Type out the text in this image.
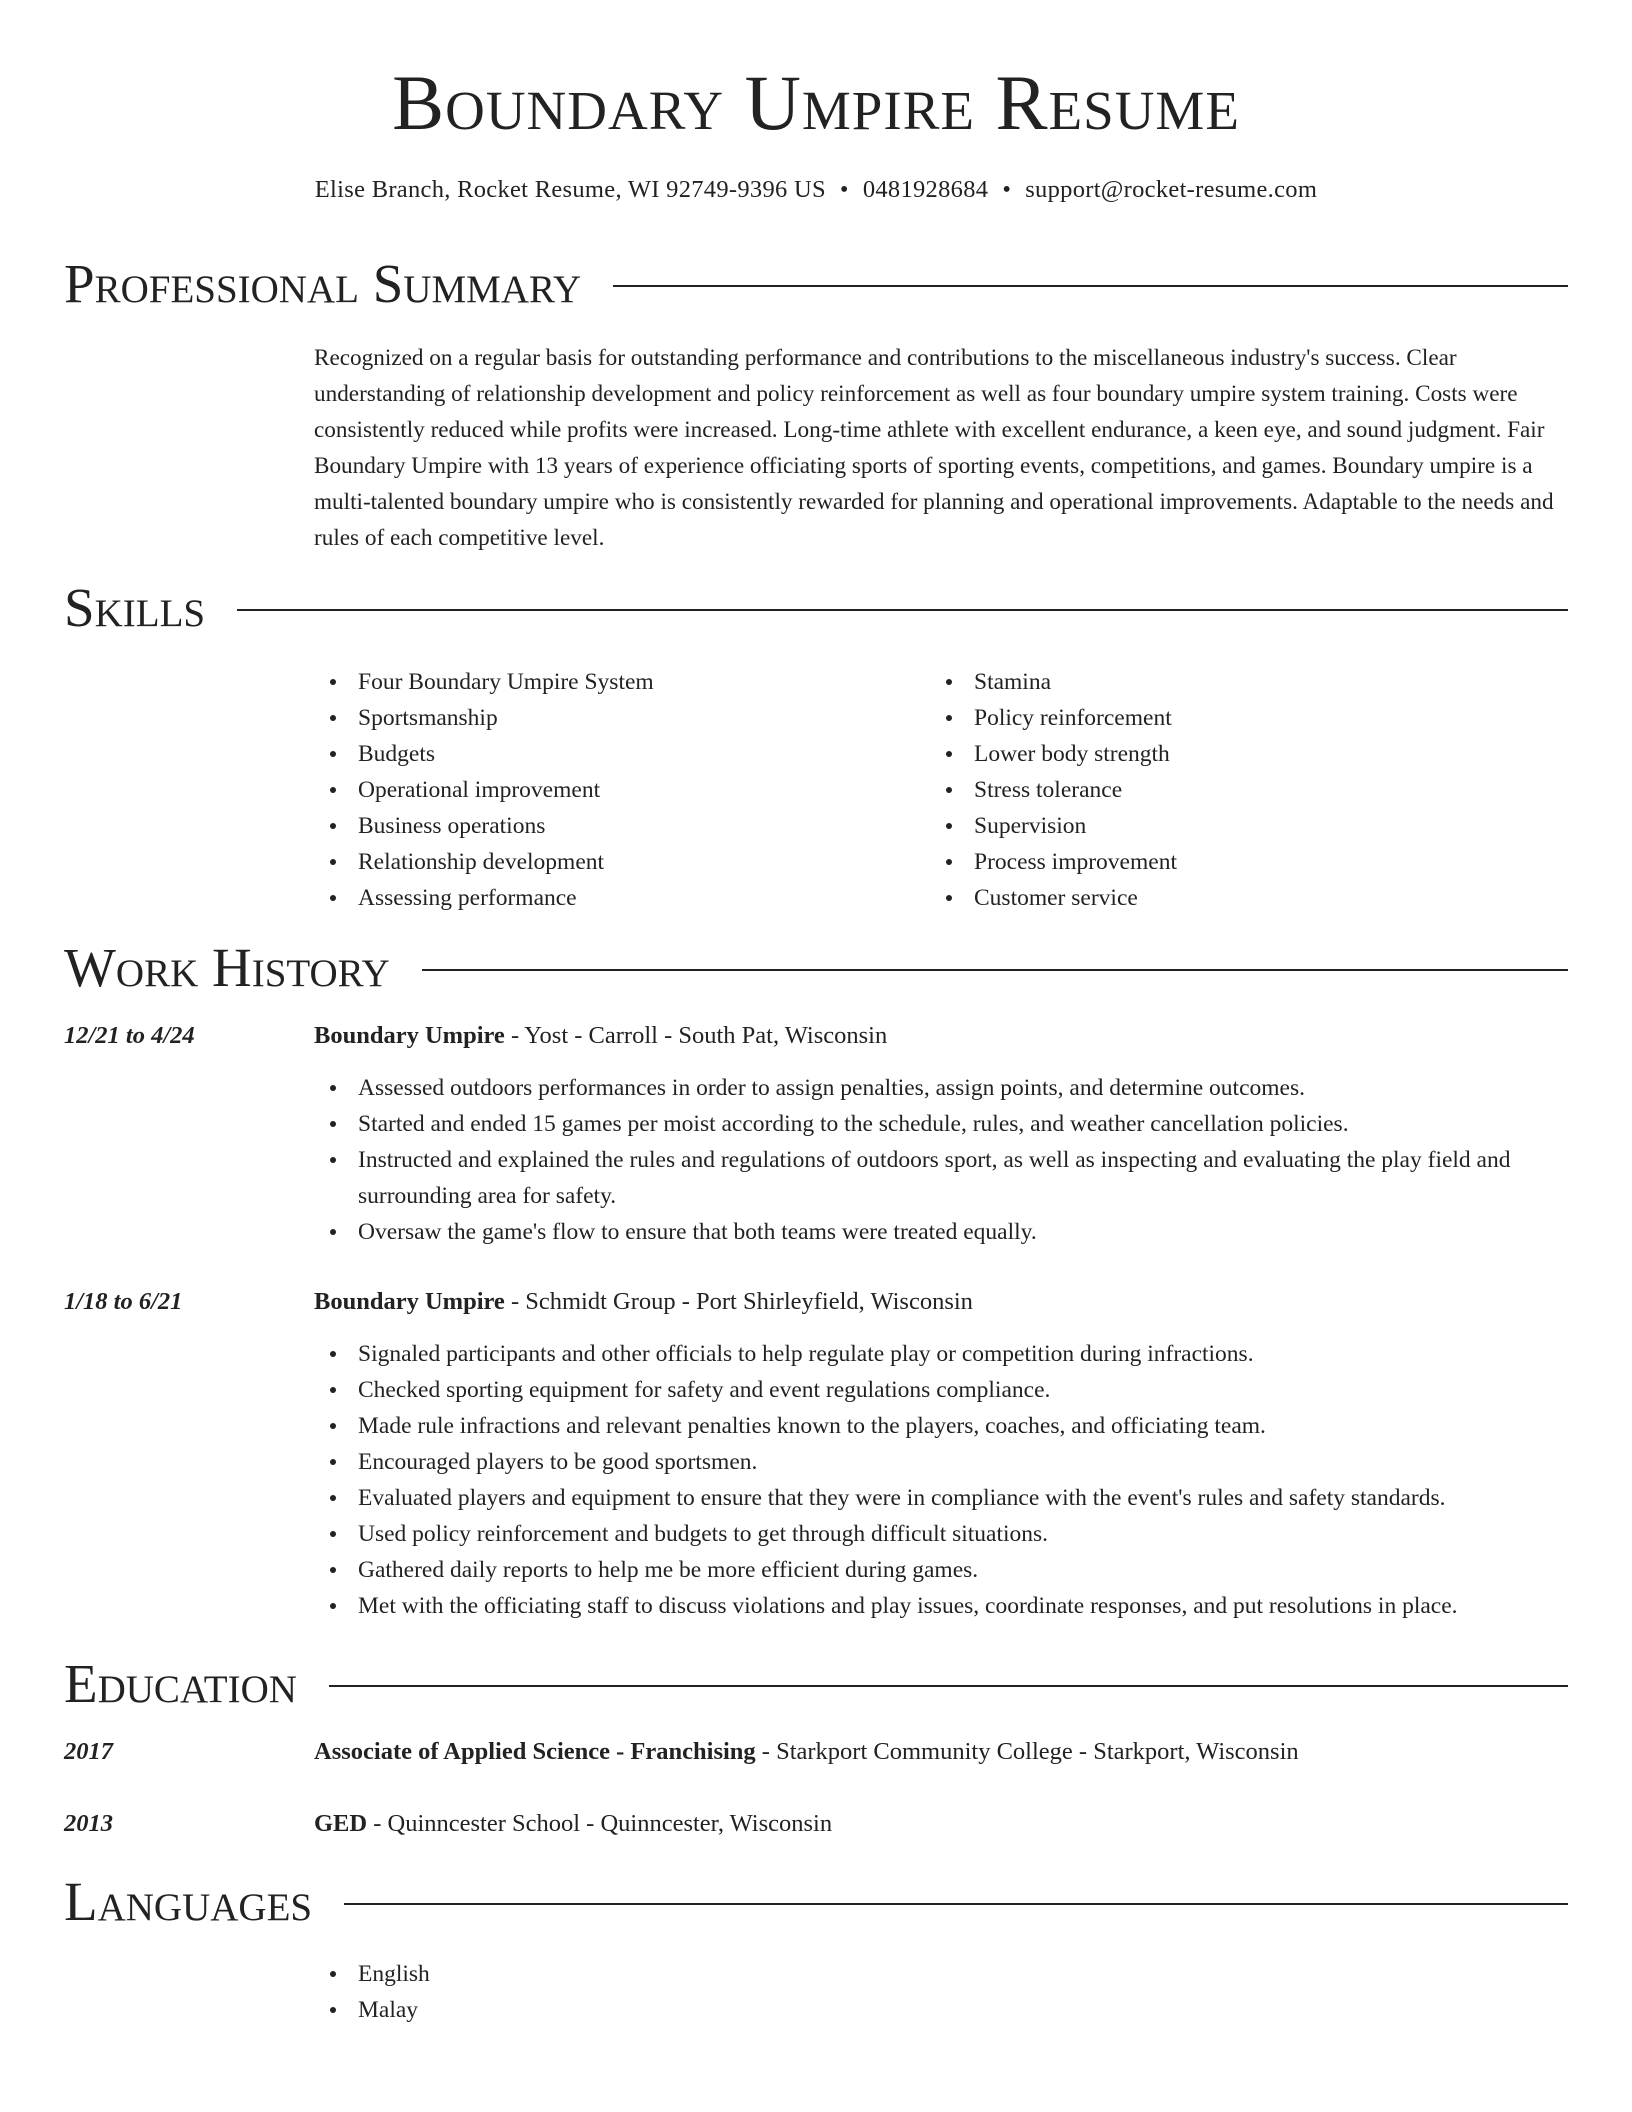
Boundary Umpire Resume
Elise Branch, Rocket Resume, WI 92749-9396 US • 0481928684 • support@rocket-resume.com
Professional Summary

Recognized on a regular basis for outstanding performance and contributions to the miscellaneous industry's success. Clear understanding of relationship development and policy reinforcement as well as four boundary umpire system training. Costs were consistently reduced while profits were increased. Long-time athlete with excellent endurance, a keen eye, and sound judgment. Fair Boundary Umpire with 13 years of experience officiating sports of sporting events, competitions, and games. Boundary umpire is a multi-talented boundary umpire who is consistently rewarded for planning and operational improvements. Adaptable to the needs and rules of each competitive level.

Skills
Four Boundary Umpire System
Sportsmanship
Budgets
Operational improvement
Business operations
Relationship development
Assessing performance
Stamina
Policy reinforcement
Lower body strength
Stress tolerance
Supervision
Process improvement
Customer service
Work History
12/21 to 4/24	Boundary Umpire - Yost - Carroll - South Pat, Wisconsin
Assessed outdoors performances in order to assign penalties, assign points, and determine outcomes.
Started and ended 15 games per moist according to the schedule, rules, and weather cancellation policies.
Instructed and explained the rules and regulations of outdoors sport, as well as inspecting and evaluating the play field and surrounding area for safety.
Oversaw the game's flow to ensure that both teams were treated equally.
1/18 to 6/21	Boundary Umpire - Schmidt Group - Port Shirleyfield, Wisconsin
Signaled participants and other officials to help regulate play or competition during infractions.
Checked sporting equipment for safety and event regulations compliance.
Made rule infractions and relevant penalties known to the players, coaches, and officiating team.
Encouraged players to be good sportsmen.
Evaluated players and equipment to ensure that they were in compliance with the event's rules and safety standards.
Used policy reinforcement and budgets to get through difficult situations.
Gathered daily reports to help me be more efficient during games.
Met with the officiating staff to discuss violations and play issues, coordinate responses, and put resolutions in place.
Education
2017	Associate of Applied Science - Franchising - Starkport Community College - Starkport, Wisconsin
2013	GED - Quinncester School - Quinncester, Wisconsin
Languages
English
Malay
